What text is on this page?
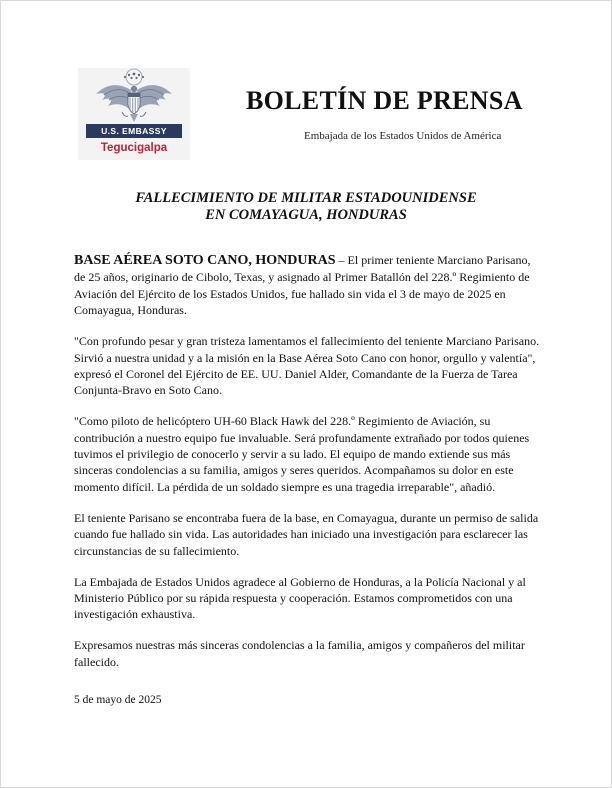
U.S. EMBASSY
Tegucigalpa
BOLETÍN DE PRENSA
Embajada de los Estados Unidos de América
FALLECIMIENTO DE MILITAR ESTADOUNIDENSE
EN COMAYAGUA, HONDURAS

BASE AÉREA SOTO CANO, HONDURAS – El primer teniente Marciano Parisano, de 25 años, originario de Cibolo, Texas, y asignado al Primer Batallón del 228.º Regimiento de Aviación del Ejército de los Estados Unidos, fue hallado sin vida el 3 de mayo de 2025 en Comayagua, Honduras.

"Con profundo pesar y gran tristeza lamentamos el fallecimiento del teniente Marciano Parisano. Sirvió a nuestra unidad y a la misión en la Base Aérea Soto Cano con honor, orgullo y valentía", expresó el Coronel del Ejército de EE. UU. Daniel Alder, Comandante de la Fuerza de Tarea Conjunta-Bravo en Soto Cano.

"Como piloto de helicóptero UH-60 Black Hawk del 228.º Regimiento de Aviación, su contribución a nuestro equipo fue invaluable. Será profundamente extrañado por todos quienes tuvimos el privilegio de conocerlo y servir a su lado. El equipo de mando extiende sus más sinceras condolencias a su familia, amigos y seres queridos. Acompañamos su dolor en este momento difícil. La pérdida de un soldado siempre es una tragedia irreparable", añadió.

El teniente Parisano se encontraba fuera de la base, en Comayagua, durante un permiso de salida cuando fue hallado sin vida. Las autoridades han iniciado una investigación para esclarecer las circunstancias de su fallecimiento.

La Embajada de Estados Unidos agradece al Gobierno de Honduras, a la Policía Nacional y al Ministerio Público por su rápida respuesta y cooperación. Estamos comprometidos con una investigación exhaustiva.

Expresamos nuestras más sinceras condolencias a la familia, amigos y compañeros del militar fallecido.

5 de mayo de 2025
